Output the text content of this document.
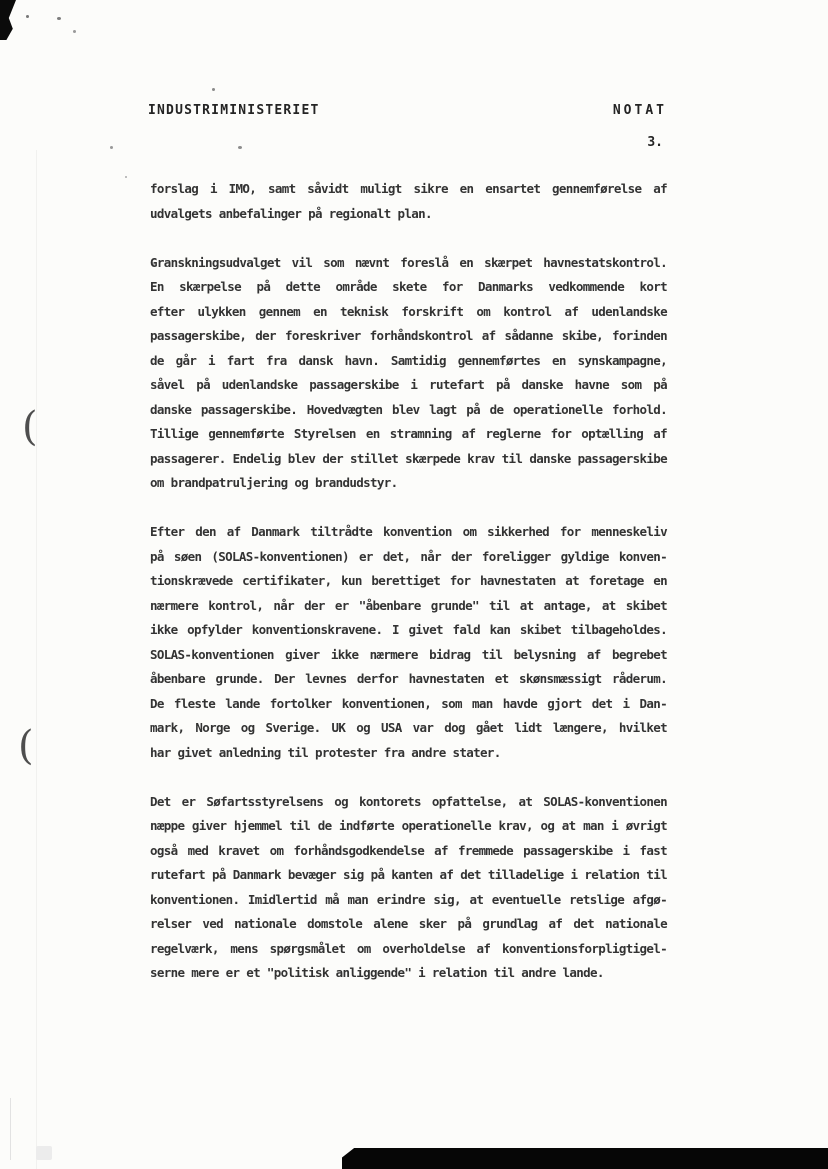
INDUSTRIMINISTERIET	NOTAT
3.
forslag i IMO, samt såvidt muligt sikre en ensartet gennemførelse af
udvalgets anbefalinger på regionalt plan.
Granskningsudvalget vil som nævnt foreslå en skærpet havnestatskontrol.
En skærpelse på dette område skete for Danmarks vedkommende kort
efter ulykken gennem en teknisk forskrift om kontrol af udenlandske
passagerskibe, der foreskriver forhåndskontrol af sådanne skibe, forinden
de går i fart fra dansk havn. Samtidig gennemførtes en synskampagne,
såvel på udenlandske passagerskibe i rutefart på danske havne som på
danske passagerskibe. Hovedvægten blev lagt på de operationelle forhold.
Tillige gennemførte Styrelsen en stramning af reglerne for optælling af
passagerer. Endelig blev der stillet skærpede krav til danske passagerskibe
om brandpatruljering og brandudstyr.
Efter den af Danmark tiltrådte konvention om sikkerhed for menneskeliv
på søen (SOLAS-konventionen) er det, når der foreligger gyldige konven-
tionskrævede certifikater, kun berettiget for havnestaten at foretage en
nærmere kontrol, når der er "åbenbare grunde" til at antage, at skibet
ikke opfylder konventionskravene. I givet fald kan skibet tilbageholdes.
SOLAS-konventionen giver ikke nærmere bidrag til belysning af begrebet
åbenbare grunde. Der levnes derfor havnestaten et skønsmæssigt råderum.
De fleste lande fortolker konventionen, som man havde gjort det i Dan-
mark, Norge og Sverige. UK og USA var dog gået lidt længere, hvilket
har givet anledning til protester fra andre stater.
Det er Søfartsstyrelsens og kontorets opfattelse, at SOLAS-konventionen
næppe giver hjemmel til de indførte operationelle krav, og at man i øvrigt
også med kravet om forhåndsgodkendelse af fremmede passagerskibe i fast
rutefart på Danmark bevæger sig på kanten af det tilladelige i relation til
konventionen. Imidlertid må man erindre sig, at eventuelle retslige afgø-
relser ved nationale domstole alene sker på grundlag af det nationale
regelværk, mens spørgsmålet om overholdelse af konventionsforpligtigel-
serne mere er et "politisk anliggende" i relation til andre lande.
(
(
